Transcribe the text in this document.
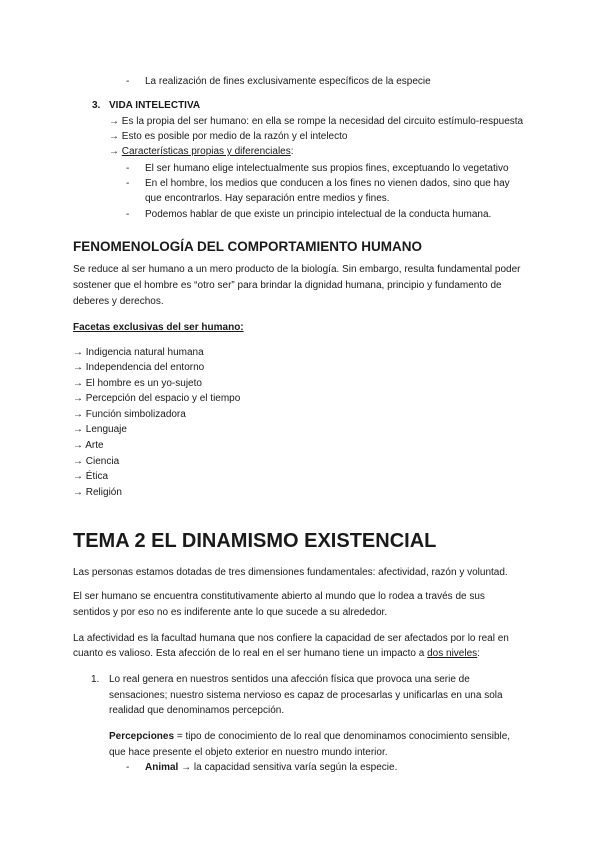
- La realización de fines exclusivamente específicos de la especie
3. VIDA INTELECTIVA
→ Es la propia del ser humano: en ella se rompe la necesidad del circuito estímulo-respuesta
→ Esto es posible por medio de la razón y el intelecto
→ Características propias y diferenciales:
- El ser humano elige intelectualmente sus propios fines, exceptuando lo vegetativo
- En el hombre, los medios que conducen a los fines no vienen dados, sino que hay
que encontrarlos. Hay separación entre medios y fines.
- Podemos hablar de que existe un principio intelectual de la conducta humana.
FENOMENOLOGÍA DEL COMPORTAMIENTO HUMANO
Se reduce al ser humano a un mero producto de la biología. Sin embargo, resulta fundamental poder
sostener que el hombre es “otro ser” para brindar la dignidad humana, principio y fundamento de
deberes y derechos.
Facetas exclusivas del ser humano:
→ Indigencia natural humana
→ Independencia del entorno
→ El hombre es un yo-sujeto
→ Percepción del espacio y el tiempo
→ Función simbolizadora
→ Lenguaje
→ Arte
→ Ciencia
→ Ética
→ Religión
TEMA 2 EL DINAMISMO EXISTENCIAL
Las personas estamos dotadas de tres dimensiones fundamentales: afectividad, razón y voluntad.
El ser humano se encuentra constitutivamente abierto al mundo que lo rodea a través de sus
sentidos y por eso no es indiferente ante lo que sucede a su alrededor.
La afectividad es la facultad humana que nos confiere la capacidad de ser afectados por lo real en
cuanto es valioso. Esta afección de lo real en el ser humano tiene un impacto a dos niveles:
1. Lo real genera en nuestros sentidos una afección física que provoca una serie de
sensaciones; nuestro sistema nervioso es capaz de procesarlas y unificarlas en una sola
realidad que denominamos percepción.
Percepciones = tipo de conocimiento de lo real que denominamos conocimiento sensible,
que hace presente el objeto exterior en nuestro mundo interior.
- Animal → la capacidad sensitiva varía según la especie.
